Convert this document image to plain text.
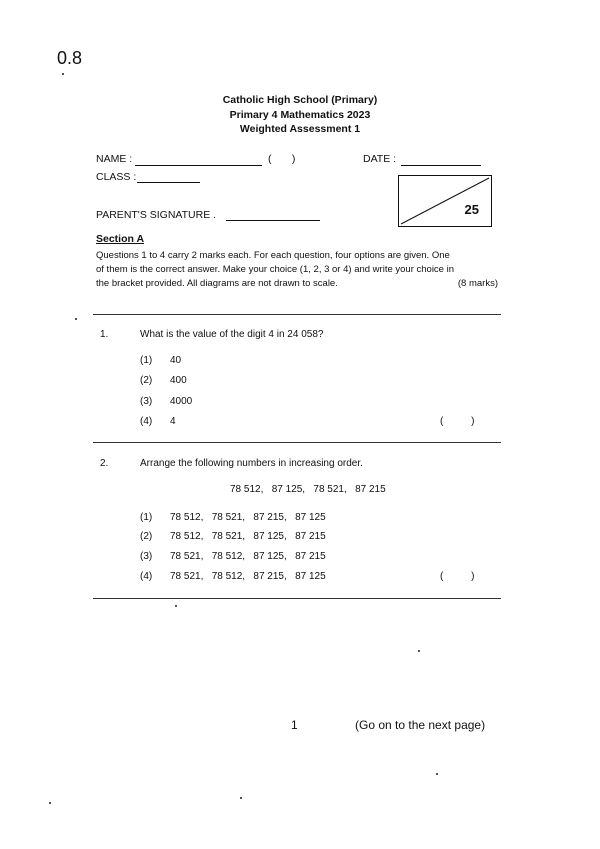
0.8
Catholic High School (Primary)
Primary 4 Mathematics 2023
Weighted Assessment 1
NAME :	(       )	DATE :
CLASS :
PARENT'S SIGNATURE .	25
Section A
Questions 1 to 4 carry 2 marks each. For each question, four options are given. One
of them is the correct answer. Make your choice (1, 2, 3 or 4) and write your choice in
the bracket provided. All diagrams are not drawn to scale.	(8 marks)
1.	What is the value of the digit 4 in 24 058?
(1) 40
(2) 400
(3) 4000
(4) 4	(          )
2.	Arrange the following numbers in increasing order.
78 512,   87 125,   78 521,   87 215
(1) 78 512,   78 521,   87 215,   87 125
(2) 78 512,   78 521,   87 125,   87 215
(3) 78 521,   78 512,   87 125,   87 215
(4) 78 521,   78 512,   87 215,   87 125	(          )
1	(Go on to the next page)
